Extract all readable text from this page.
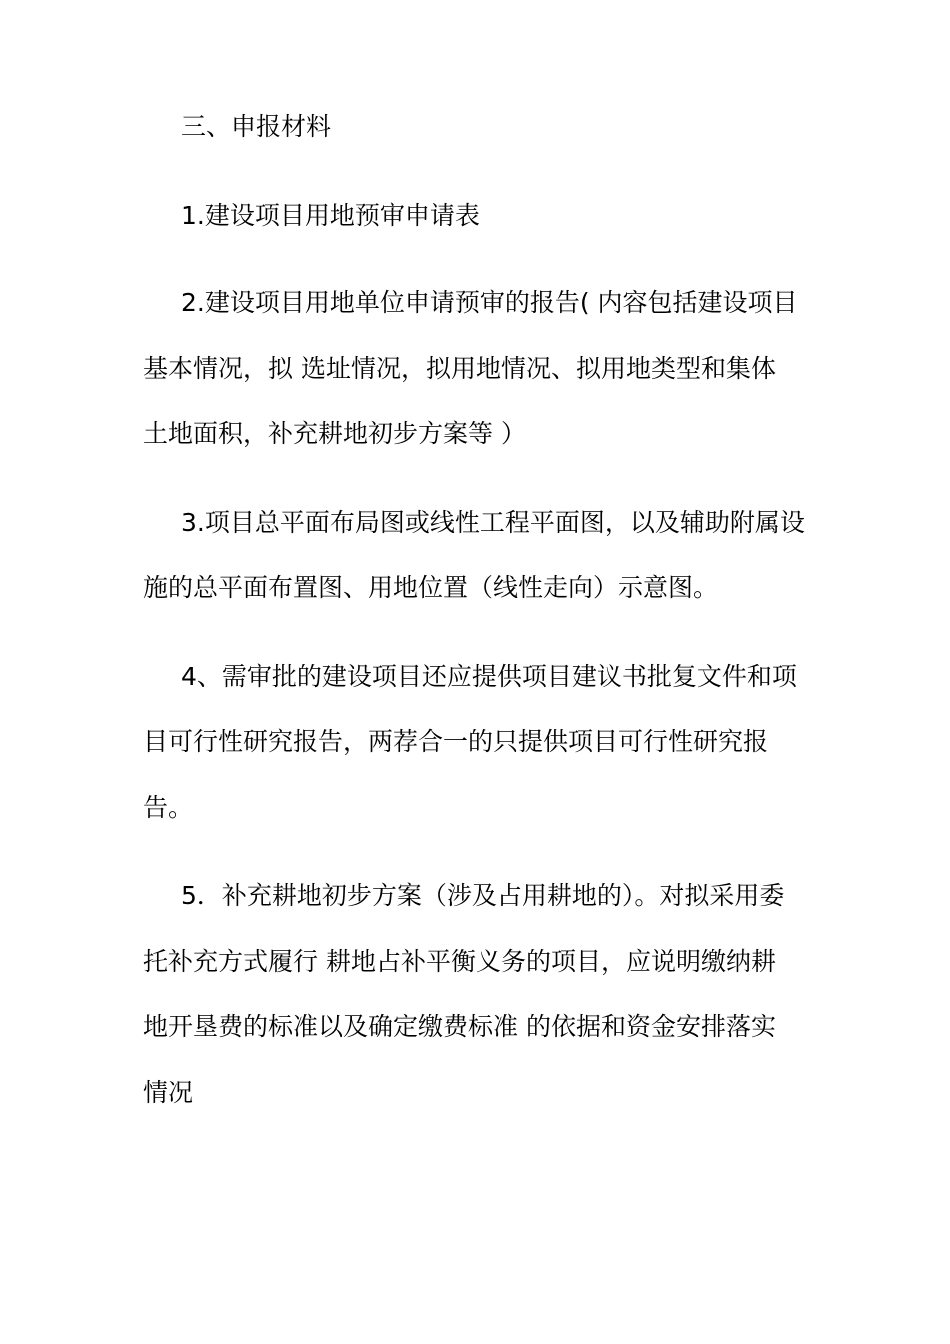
三、申报材料

1.建设项目用地预审申请表

2.建设项目用地单位申请预审的报告( 内容包括建设项目

基本情况，拟 选址情况，拟用地情况、拟用地类型和集体

土地面积，补充耕地初步方案等 ）

3.项目总平面布局图或线性工程平面图，以及辅助附属设

施的总平面布置图、用地位置（线性走向）示意图。

4、需审批的建设项目还应提供项目建议书批复文件和项

目可行性研究报告，两荐合一的只提供项目可行性研究报

告。

5．补充耕地初步方案（涉及占用耕地的）。对拟采用委

托补充方式履行 耕地占补平衡义务的项目，应说明缴纳耕

地开垦费的标准以及确定缴费标准 的依据和资金安排落实

情况
